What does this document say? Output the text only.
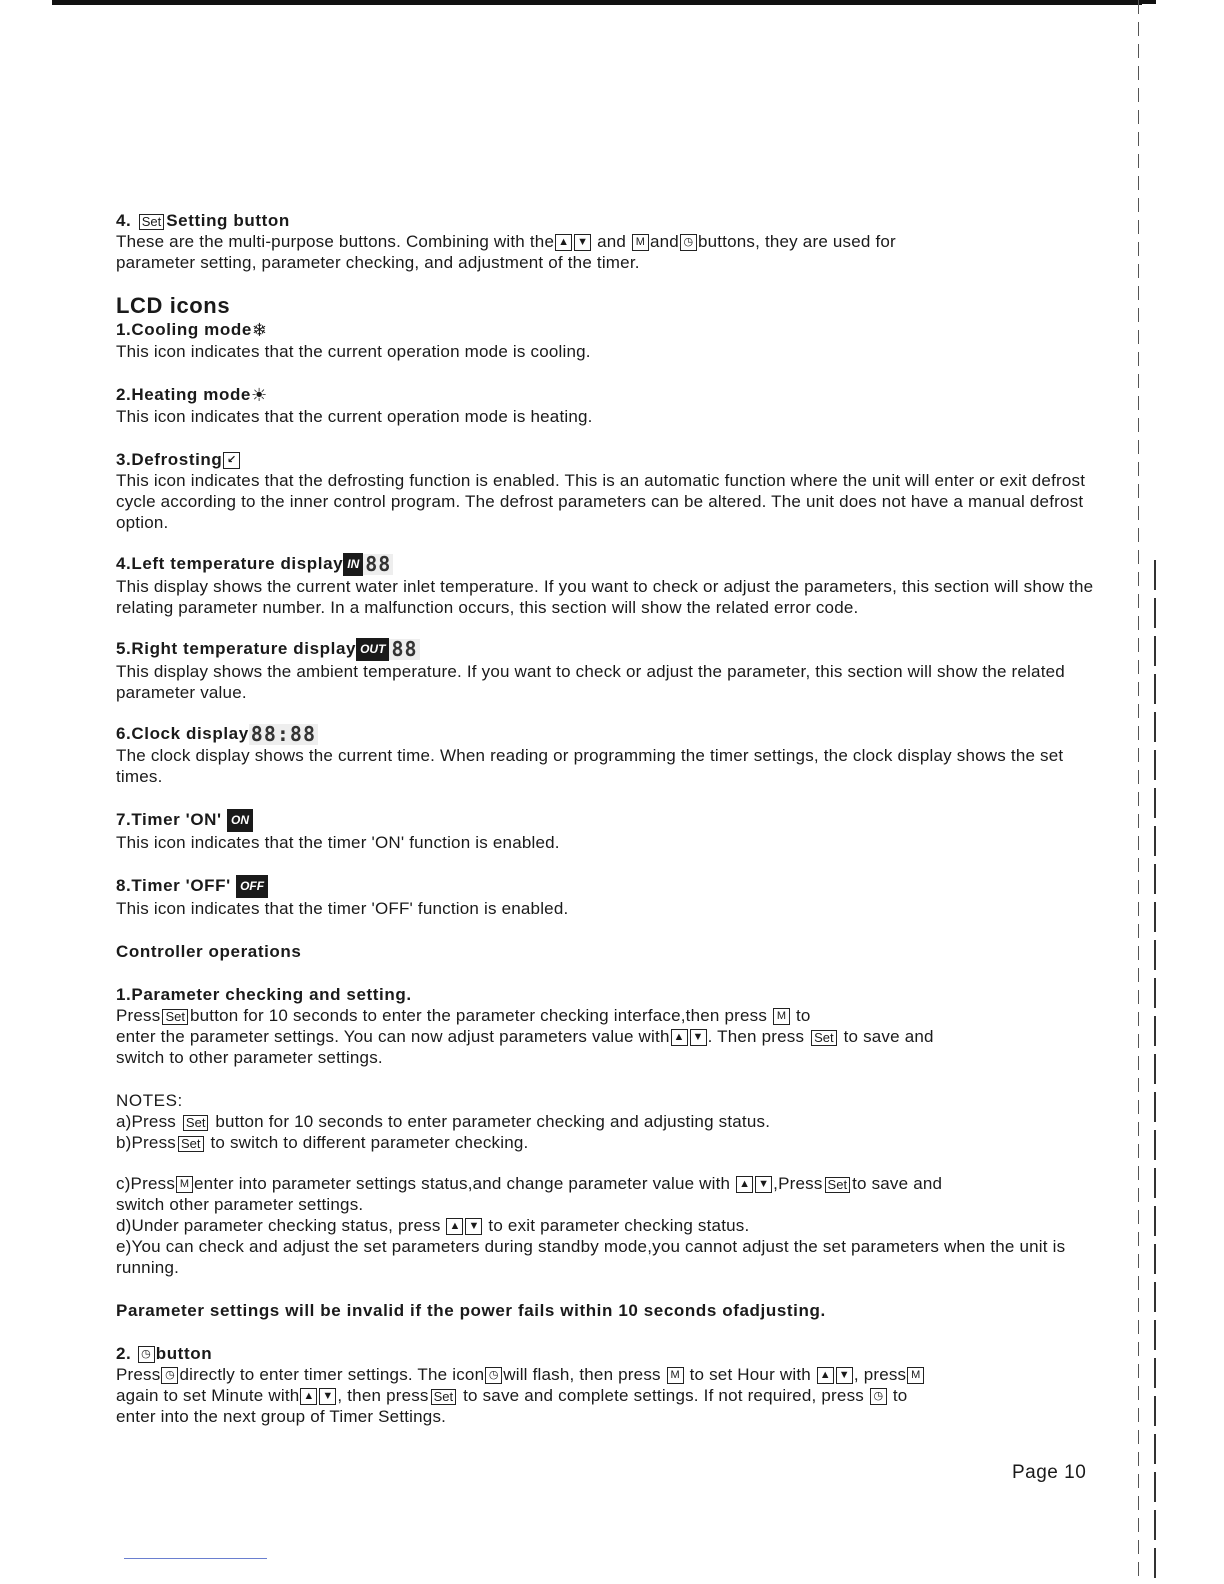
4. Set Setting button

These are the multi-purpose buttons. Combining with the ▲ ▼ and M and ◷ buttons, they are used for
parameter setting, parameter checking, and adjustment of the timer.

LCD icons

1.Cooling mode❄

This icon indicates that the current operation mode is cooling.

2.Heating mode☀

This icon indicates that the current operation mode is heating.

3.Defrosting ↙

This icon indicates that the defrosting function is enabled. This is an automatic function where the unit will enter or exit defrost cycle according to the inner control program. The defrost parameters can be altered. The unit does not have a manual defrost option.

4.Left temperature display IN 88

This display shows the current water inlet temperature. If you want to check or adjust the parameters, this section will show the relating parameter number. In a malfunction occurs, this section will show the related error code.

5.Right temperature display OUT 88

This display shows the ambient temperature. If you want to check or adjust the parameter, this section will show the related parameter value.

6.Clock display 88:88

The clock display shows the current time. When reading or programming the timer settings, the clock display shows the set times.

7.Timer 'ON' ON

This icon indicates that the timer 'ON' function is enabled.

8.Timer 'OFF' OFF

This icon indicates that the timer 'OFF' function is enabled.

Controller operations

1.Parameter checking and setting.

Press Set button for 10 seconds to enter the parameter checking interface,then press M to
enter the parameter settings. You can now adjust parameters value with ▲ ▼ . Then press Set to save and
switch to other parameter settings.

NOTES:

a)Press Set button for 10 seconds to enter parameter checking and adjusting status.

b)Press Set to switch to different parameter checking.

c)Press M enter into parameter settings status,and change parameter value with ▲ ▼ ,Press Set to save and
switch other parameter settings.

d)Under parameter checking status, press ▲ ▼ to exit parameter checking status.

e)You can check and adjust the set parameters during standby mode,you cannot adjust the set parameters when the unit is running.

Parameter settings will be invalid if the power fails within 10 seconds ofadjusting.

2. ◷ button

Press ◷ directly to enter timer settings. The icon ◷ will flash, then press M to set Hour with ▲ ▼ , press M
again to set Minute with ▲ ▼ , then press Set to save and complete settings. If not required, press ◷ to
enter into the next group of Timer Settings.

Page 10
